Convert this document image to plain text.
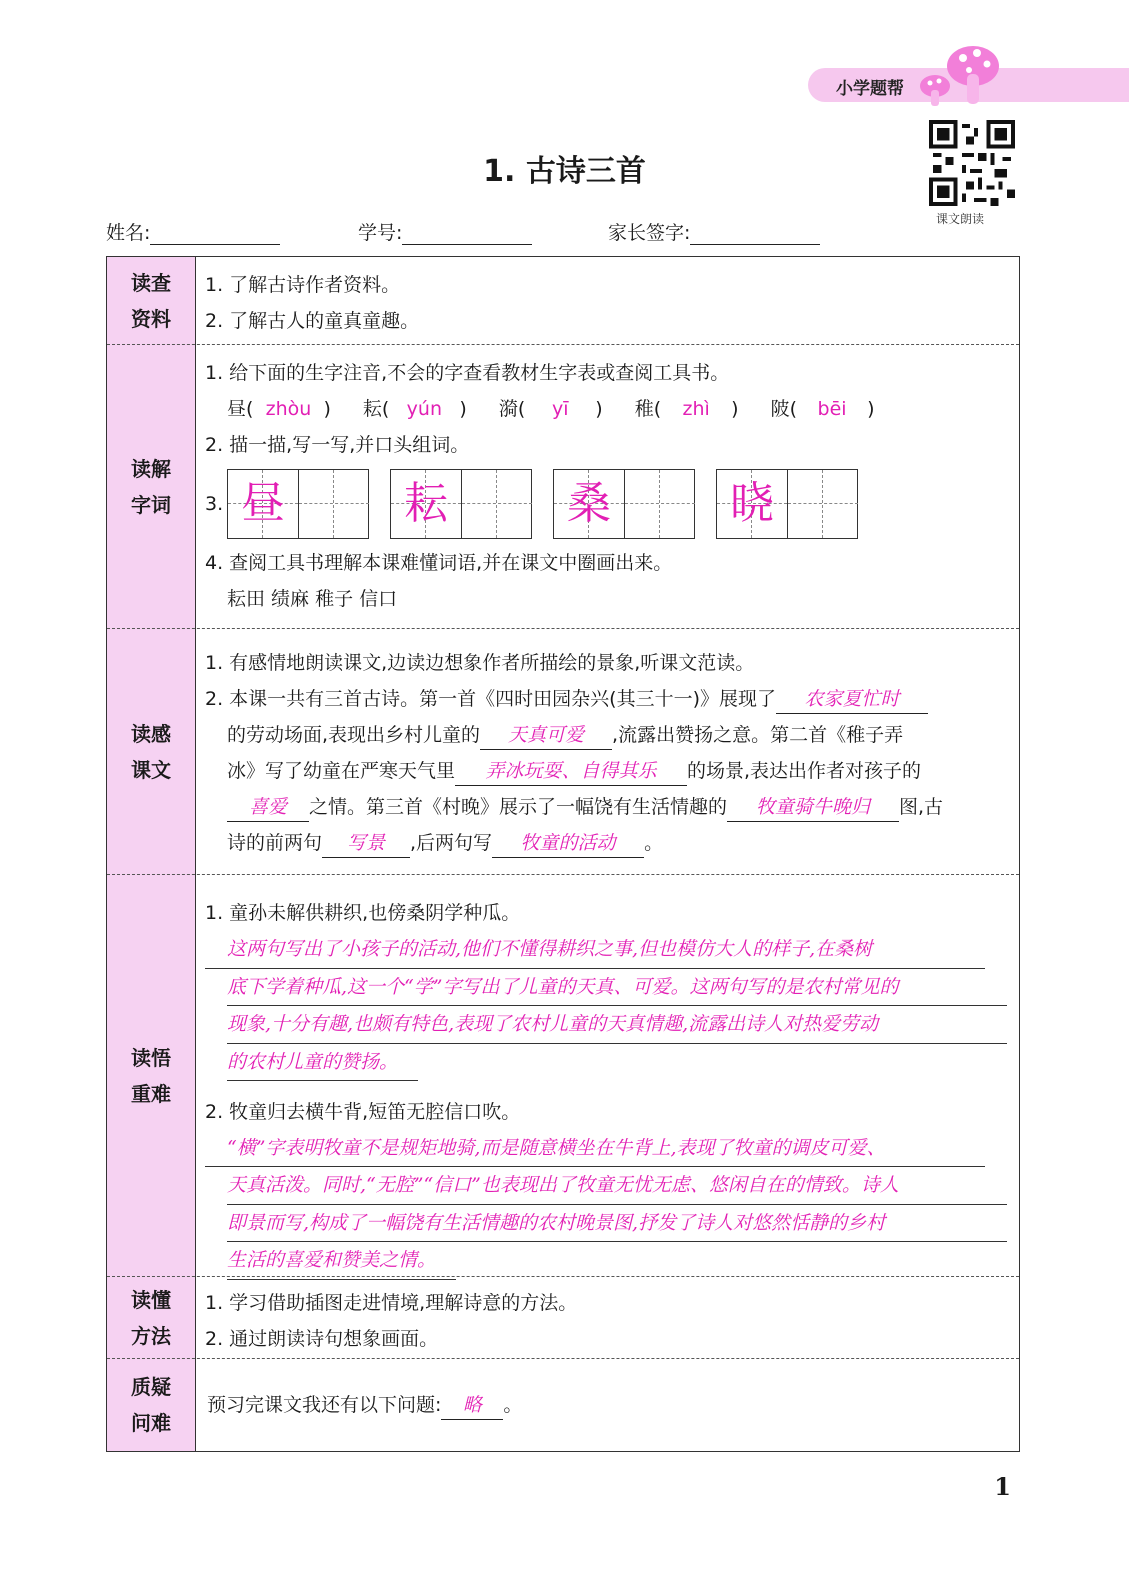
小学题帮
课文朗读
1. 古诗三首
姓名:	学号:	家长签字:
读查
资料
1. 了解古诗作者资料。
2. 了解古人的童真童趣。
读解
字词
1. 给下面的生字注音,不会的字查看教材生字表或查阅工具书。
昼( zhòu ) 耘( yún ) 漪( yī ) 稚( zhì ) 陂( bēi )
2. 描一描,写一写,并口头组词。
3. 昼	耘	桑	晓
4. 查阅工具书理解本课难懂词语,并在课文中圈画出来。
耘田 绩麻 稚子 信口
读感
课文
1. 有感情地朗读课文,边读边想象作者所描绘的景象,听课文范读。
2. 本课一共有三首古诗。第一首《四时田园杂兴(其三十一)》展现了 农家夏忙时
的劳动场面,表现出乡村儿童的 天真可爱 ,流露出赞扬之意。第二首《稚子弄
冰》写了幼童在严寒天气里 弄冰玩耍、自得其乐 的场景,表达出作者对孩子的
喜爱 之情。第三首《村晚》展示了一幅饶有生活情趣的 牧童骑牛晚归 图,古
诗的前两句 写景 ,后两句写 牧童的活动 。
读悟
重难
1. 童孙未解供耕织,也傍桑阴学种瓜。
这两句写出了小孩子的活动,他们不懂得耕织之事,但也模仿大人的样子,在桑树
底下学着种瓜,这一个“学”字写出了儿童的天真、可爱。这两句写的是农村常见的
现象,十分有趣,也颇有特色,表现了农村儿童的天真情趣,流露出诗人对热爱劳动
的农村儿童的赞扬。
2. 牧童归去横牛背,短笛无腔信口吹。
“横”字表明牧童不是规矩地骑,而是随意横坐在牛背上,表现了牧童的调皮可爱、
天真活泼。同时,“无腔”“信口”也表现出了牧童无忧无虑、悠闲自在的情致。诗人
即景而写,构成了一幅饶有生活情趣的农村晚景图,抒发了诗人对悠然恬静的乡村
生活的喜爱和赞美之情。
读懂
方法
1. 学习借助插图走进情境,理解诗意的方法。
2. 通过朗读诗句想象画面。
质疑
问难
预习完课文我还有以下问题: 略 。
1
